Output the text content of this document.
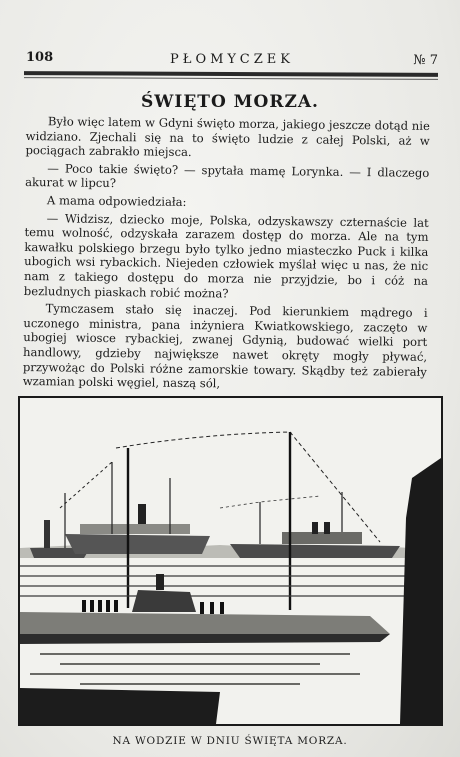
108	PŁOMYCZEK	№ 7
ŚWIĘTO MORZA.

Było więc latem w Gdyni święto morza, jakiego jeszcze dotąd nie widziano. Zjechali się na to święto ludzie z całej Polski, aż w pociągach zabrakło miejsca.

— Poco takie święto? — spytała mamę Lorynka. — I dlaczego akurat w lipcu?

A mama odpowiedziała:

— Widzisz, dziecko moje, Polska, odzyskawszy czternaście lat temu wolność, odzyskała zarazem dostęp do morza. Ale na tym kawałku polskiego brzegu było tylko jedno miasteczko Puck i kilka ubogich wsi rybackich. Niejeden człowiek myślał więc u nas, że nic nam z takiego dostępu do morza nie przyjdzie, bo i cóż na bezludnych piaskach robić można?

Tymczasem stało się inaczej. Pod kierunkiem mądrego i uczonego ministra, pana inżyniera Kwiatkowskiego, zaczęto w ubogiej wiosce rybackiej, zwanej Gdynią, budować wielki port handlowy, gdzieby największe nawet okręty mogły pływać, przywożąc do Polski różne zamorskie towary. Skądby też zabierały wzamian polski węgiel, naszą sól,

NA WODZIE W DNIU ŚWIĘTA MORZA.
